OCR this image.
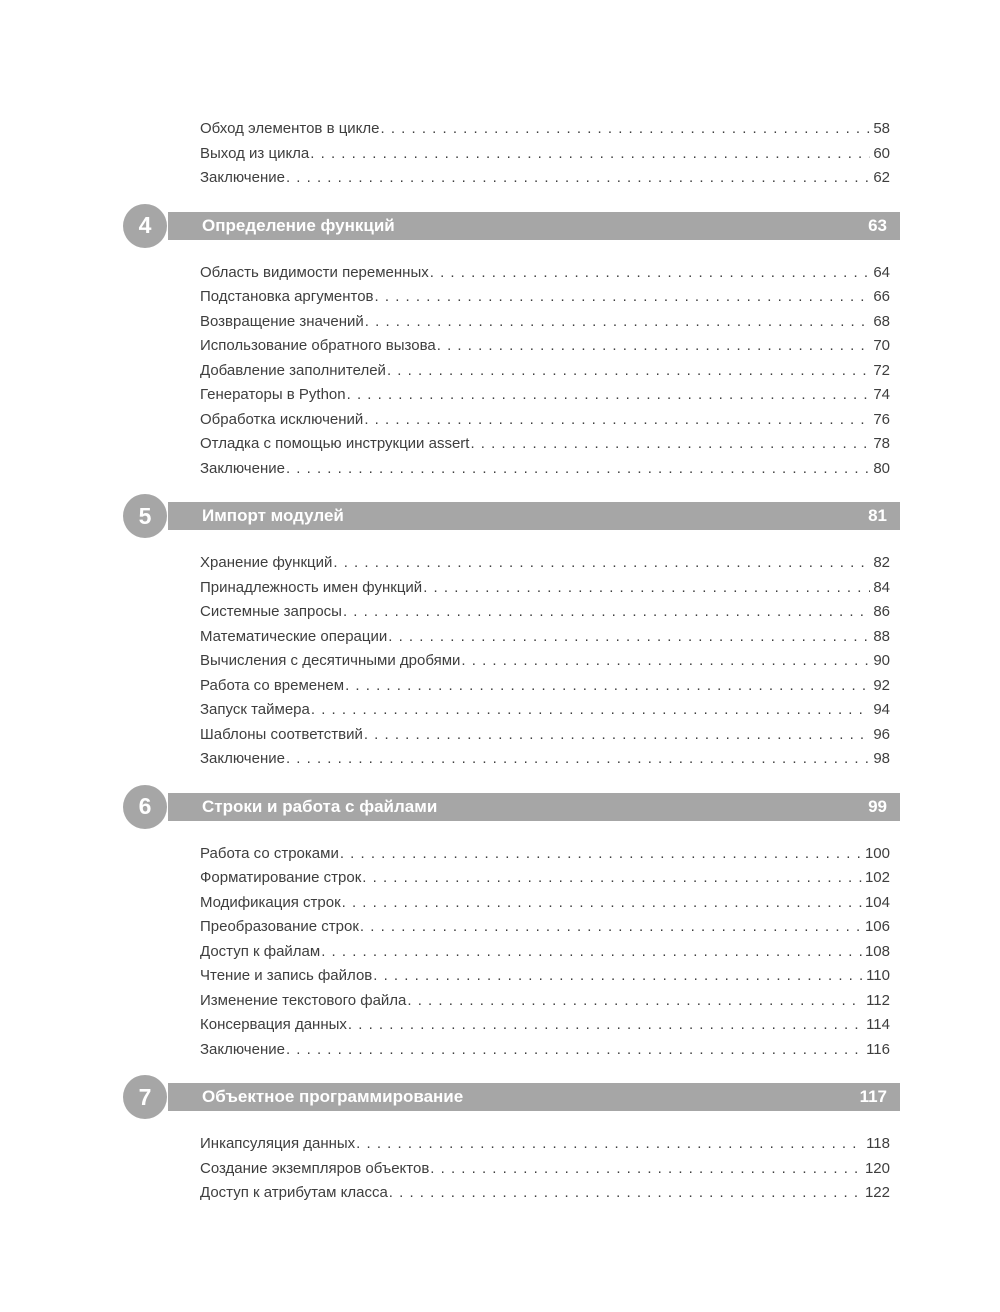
Обход элементов в цикле . . .	58
Выход из цикла . . .	60
Заключение . . .	62
4	Определение функций	63
Область видимости переменных . . .	64
Подстановка аргументов . . .	66
Возвращение значений . . .	68
Использование обратного вызова . . .	70
Добавление заполнителей . . .	72
Генераторы в Python . . .	74
Обработка исключений . . .	76
Отладка с помощью инструкции assert . . .	78
Заключение . . .	80
5	Импорт модулей	81
Хранение функций . . .	82
Принадлежность имен функций . . .	84
Системные запросы . . .	86
Математические операции . . .	88
Вычисления с десятичными дробями . . .	90
Работа со временем . . .	92
Запуск таймера . . .	94
Шаблоны соответствий . . .	96
Заключение . . .	98
6	Строки и работа с файлами	99
Работа со строками . . .	100
Форматирование строк . . .	102
Модификация строк . . .	104
Преобразование строк . . .	106
Доступ к файлам . . .	108
Чтение и запись файлов . . .	110
Изменение текстового файла . . .	112
Консервация данных . . .	114
Заключение . . .	116
7	Объектное программирование	117
Инкапсуляция данных . . .	118
Создание экземпляров объектов . . .	120
Доступ к атрибутам класса . . .	122
